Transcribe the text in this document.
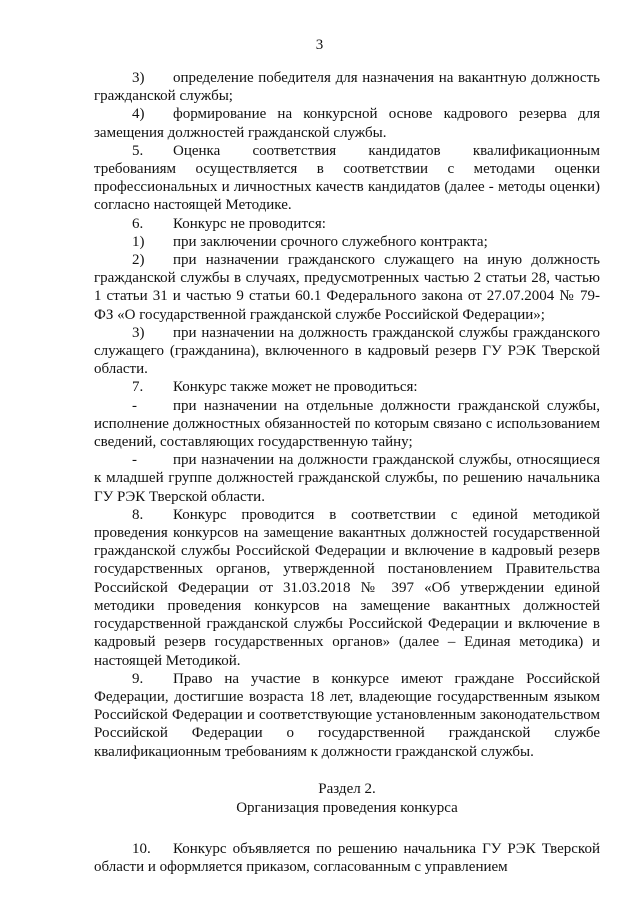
3

3) определение победителя для назначения на вакантную должность гражданской службы;

4) формирование на конкурсной основе кадрового резерва для замещения должностей гражданской службы.

5. Оценка соответствия кандидатов квалификационным требованиям осуществляется в соответствии с методами оценки профессиональных и личностных качеств кандидатов (далее - методы оценки) согласно настоящей Методике.

6. Конкурс не проводится:

1) при заключении срочного служебного контракта;

2) при назначении гражданского служащего на иную должность гражданской службы в случаях, предусмотренных частью 2 статьи 28, частью 1 статьи 31 и частью 9 статьи 60.1 Федерального закона от 27.07.2004 № 79-ФЗ «О государственной гражданской службе Российской Федерации»;

3) при назначении на должность гражданской службы гражданского служащего (гражданина), включенного в кадровый резерв ГУ РЭК Тверской области.

7. Конкурс также может не проводиться:

- при назначении на отдельные должности гражданской службы, исполнение должностных обязанностей по которым связано с использованием сведений, составляющих государственную тайну;

- при назначении на должности гражданской службы, относящиеся к младшей группе должностей гражданской службы, по решению начальника ГУ РЭК Тверской области.

8. Конкурс проводится в соответствии с единой методикой проведения конкурсов на замещение вакантных должностей государственной гражданской службы Российской Федерации и включение в кадровый резерв государственных органов, утвержденной постановлением Правительства Российской Федерации от 31.03.2018 № 397 «Об утверждении единой методики проведения конкурсов на замещение вакантных должностей государственной гражданской службы Российской Федерации и включение в кадровый резерв государственных органов» (далее – Единая методика) и настоящей Методикой.

9. Право на участие в конкурсе имеют граждане Российской Федерации, достигшие возраста 18 лет, владеющие государственным языком Российской Федерации и соответствующие установленным законодательством Российской Федерации о государственной гражданской службе квалификационным требованиям к должности гражданской службы.

Раздел 2.
Организация проведения конкурса

10. Конкурс объявляется по решению начальника ГУ РЭК Тверской области и оформляется приказом, согласованным с управлением
